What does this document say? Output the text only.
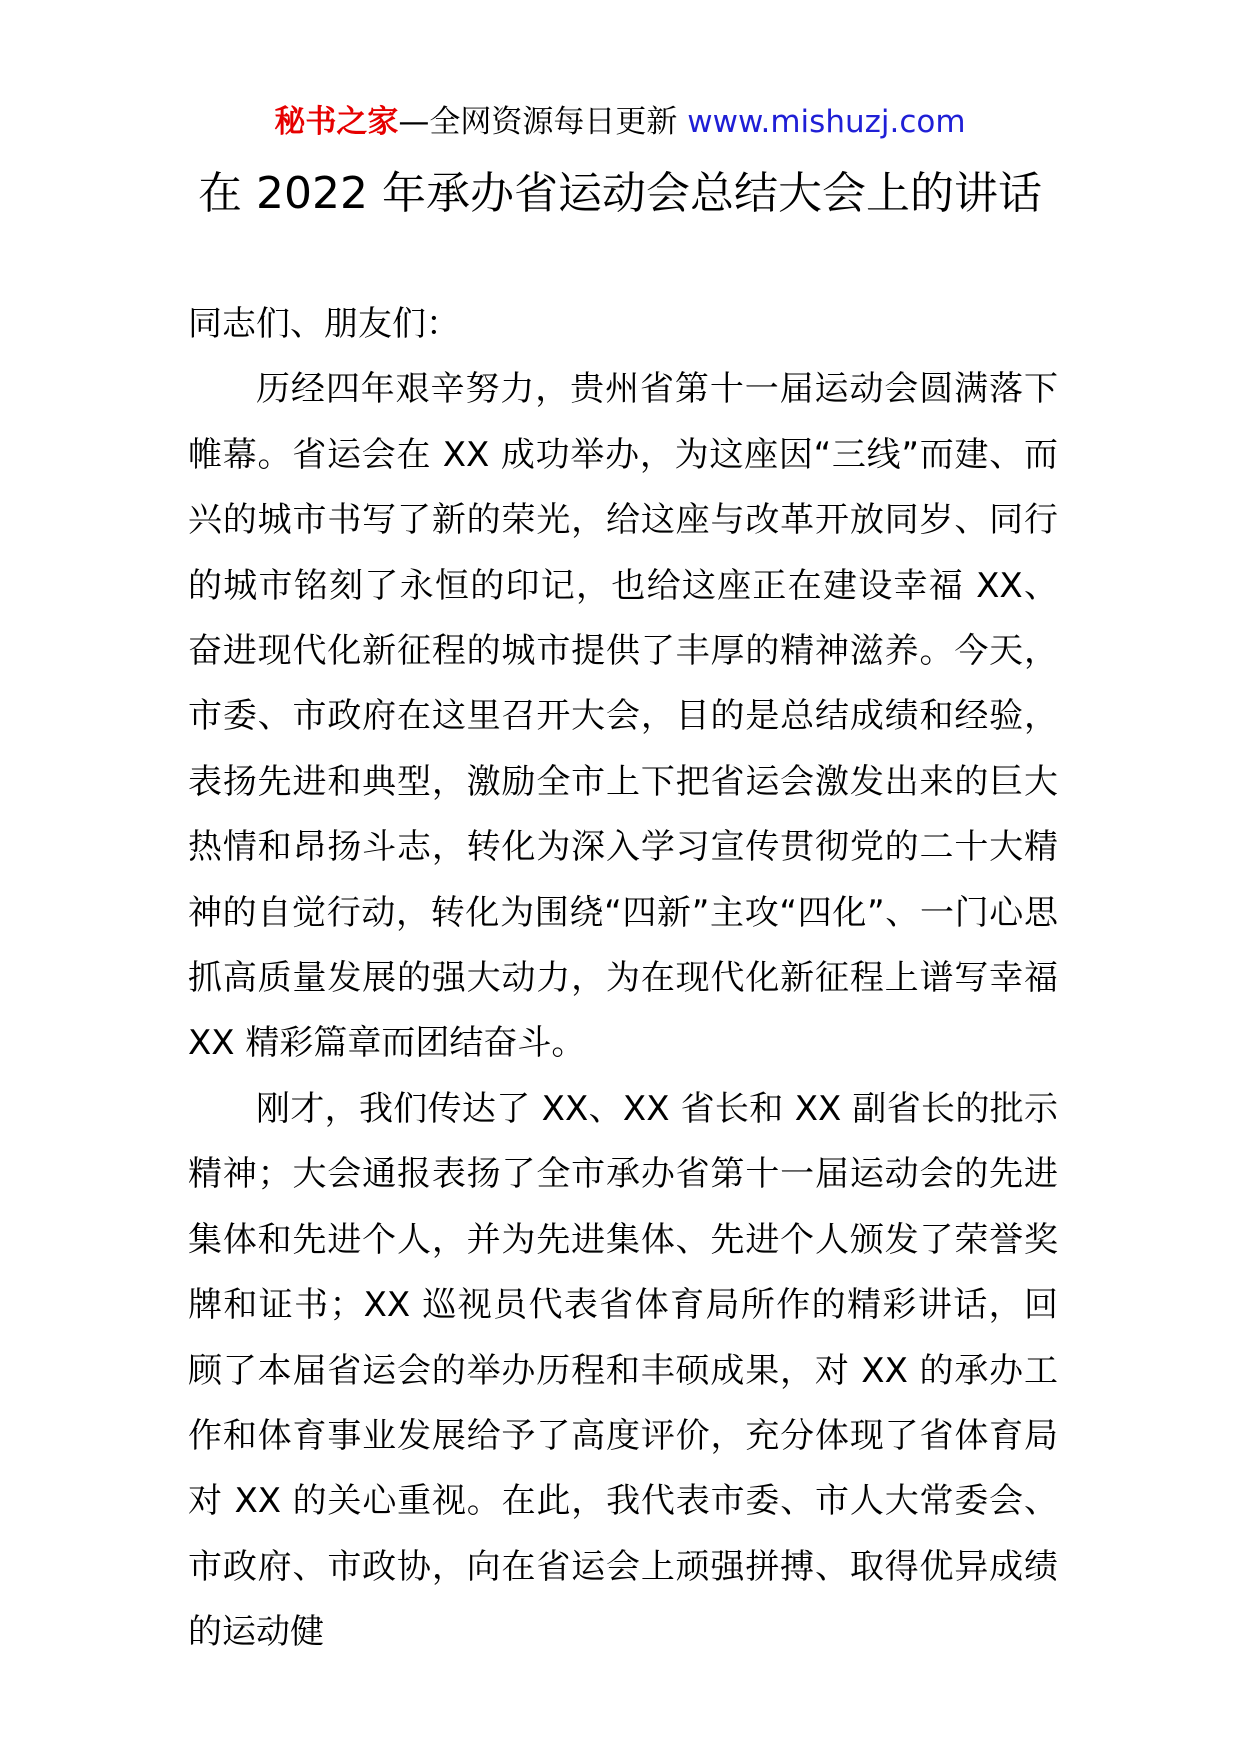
秘书之家—全网资源每日更新 www.mishuzj.com
在 2022 年承办省运动会总结大会上的讲话

同志们、朋友们：

历经四年艰辛努力，贵州省第十一届运动会圆满落下帷幕。省运会在 XX 成功举办，为这座因“三线”而建、而兴的城市书写了新的荣光，给这座与改革开放同岁、同行的城市铭刻了永恒的印记，也给这座正在建设幸福 XX、奋进现代化新征程的城市提供了丰厚的精神滋养。今天，市委、市政府在这里召开大会，目的是总结成绩和经验，表扬先进和典型，激励全市上下把省运会激发出来的巨大热情和昂扬斗志，转化为深入学习宣传贯彻党的二十大精神的自觉行动，转化为围绕“四新”主攻“四化”、一门心思抓高质量发展的强大动力，为在现代化新征程上谱写幸福 XX 精彩篇章而团结奋斗。

刚才，我们传达了 XX、XX 省长和 XX 副省长的批示精神；大会通报表扬了全市承办省第十一届运动会的先进集体和先进个人，并为先进集体、先进个人颁发了荣誉奖牌和证书；XX 巡视员代表省体育局所作的精彩讲话，回顾了本届省运会的举办历程和丰硕成果，对 XX 的承办工作和体育事业发展给予了高度评价，充分体现了省体育局对 XX 的关心重视。在此，我代表市委、市人大常委会、市政府、市政协，向在省运会上顽强拼搏、取得优异成绩的运动健
